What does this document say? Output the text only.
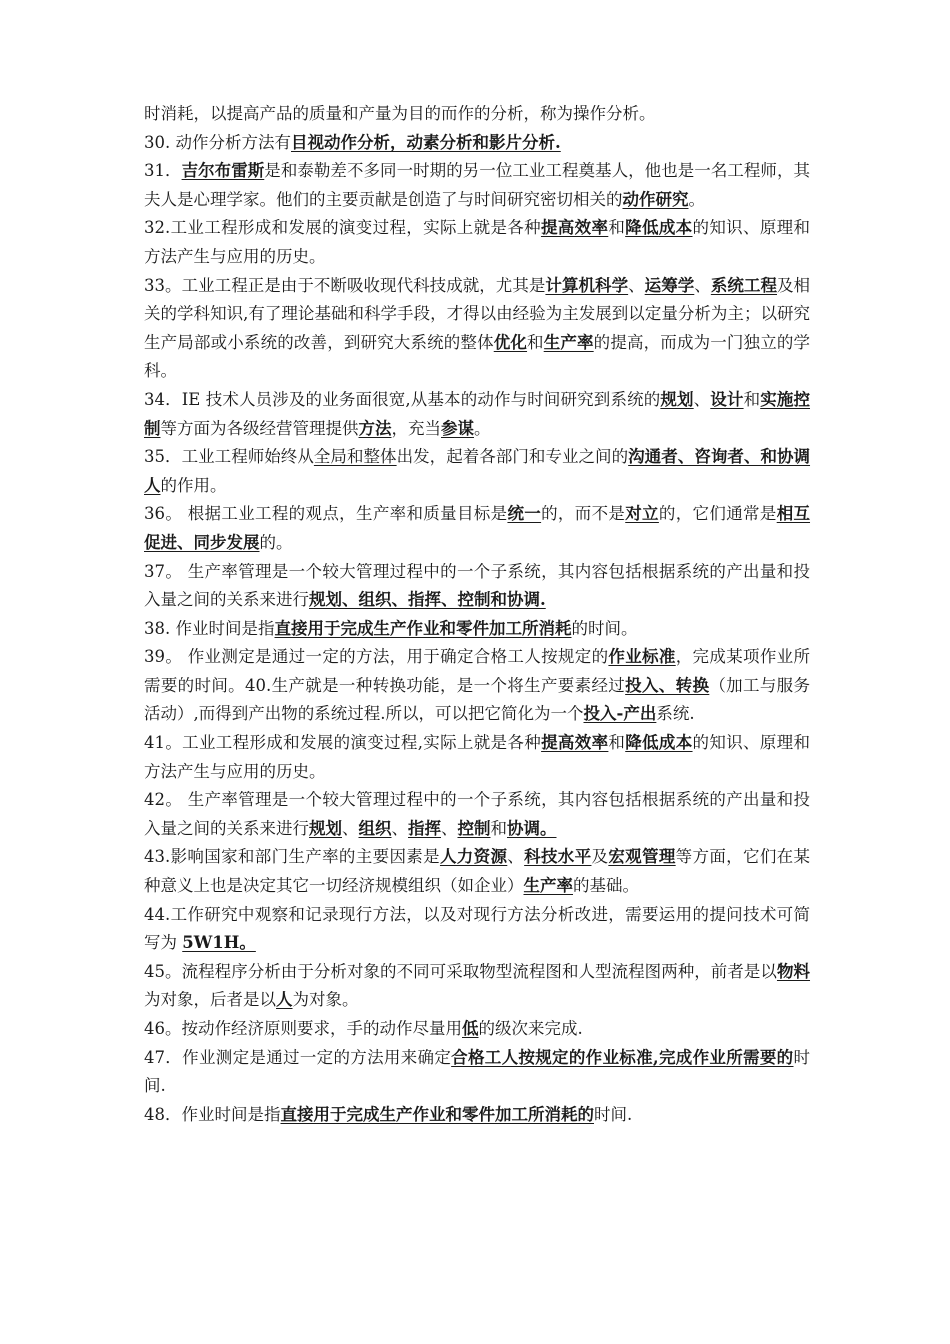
时消耗，以提高产品的质量和产量为目的而作的分析，称为操作分析。

30. 动作分析方法有目视动作分析，动素分析和影片分析.

31．吉尔布雷斯是和泰勒差不多同一时期的另一位工业工程奠基人，他也是一名工程师，其夫人是心理学家。他们的主要贡献是创造了与时间研究密切相关的动作研究。

32.工业工程形成和发展的演变过程，实际上就是各种提高效率和降低成本的知识、原理和方法产生与应用的历史。

33。工业工程正是由于不断吸收现代科技成就，尤其是计算机科学、运筹学、系统工程及相关的学科知识,有了理论基础和科学手段，才得以由经验为主发展到以定量分析为主；以研究生产局部或小系统的改善，到研究大系统的整体优化和生产率的提高，而成为一门独立的学科。

34．IE 技术人员涉及的业务面很宽,从基本的动作与时间研究到系统的规划、设计和实施控制等方面为各级经营管理提供方法，充当参谋。

35．工业工程师始终从全局和整体出发，起着各部门和专业之间的沟通者、咨询者、和协调人的作用。

36。 根据工业工程的观点，生产率和质量目标是统一的，而不是对立的，它们通常是相互促进、同步发展的。

37。 生产率管理是一个较大管理过程中的一个子系统，其内容包括根据系统的产出量和投入量之间的关系来进行规划、组织、指挥、控制和协调.

38. 作业时间是指直接用于完成生产作业和零件加工所消耗的时间。

39。 作业测定是通过一定的方法，用于确定合格工人按规定的作业标准，完成某项作业所需要的时间。40.生产就是一种转换功能，是一个将生产要素经过投入、转换（加工与服务活动）,而得到产出物的系统过程.所以，可以把它简化为一个投入-产出系统.

41。工业工程形成和发展的演变过程,实际上就是各种提高效率和降低成本的知识、原理和方法产生与应用的历史。

42。 生产率管理是一个较大管理过程中的一个子系统，其内容包括根据系统的产出量和投入量之间的关系来进行规划、组织、指挥、控制和协调。

43.影响国家和部门生产率的主要因素是人力资源、科技水平及宏观管理等方面，它们在某种意义上也是决定其它一切经济规模组织（如企业）生产率的基础。

44.工作研究中观察和记录现行方法，以及对现行方法分析改进，需要运用的提问技术可简写为 5W1H。

45。流程程序分析由于分析对象的不同可采取物型流程图和人型流程图两种，前者是以物料为对象，后者是以人为对象。

46。按动作经济原则要求，手的动作尽量用低的级次来完成.

47．作业测定是通过一定的方法用来确定合格工人按规定的作业标准,完成作业所需要的时间.

48．作业时间是指直接用于完成生产作业和零件加工所消耗的时间.
